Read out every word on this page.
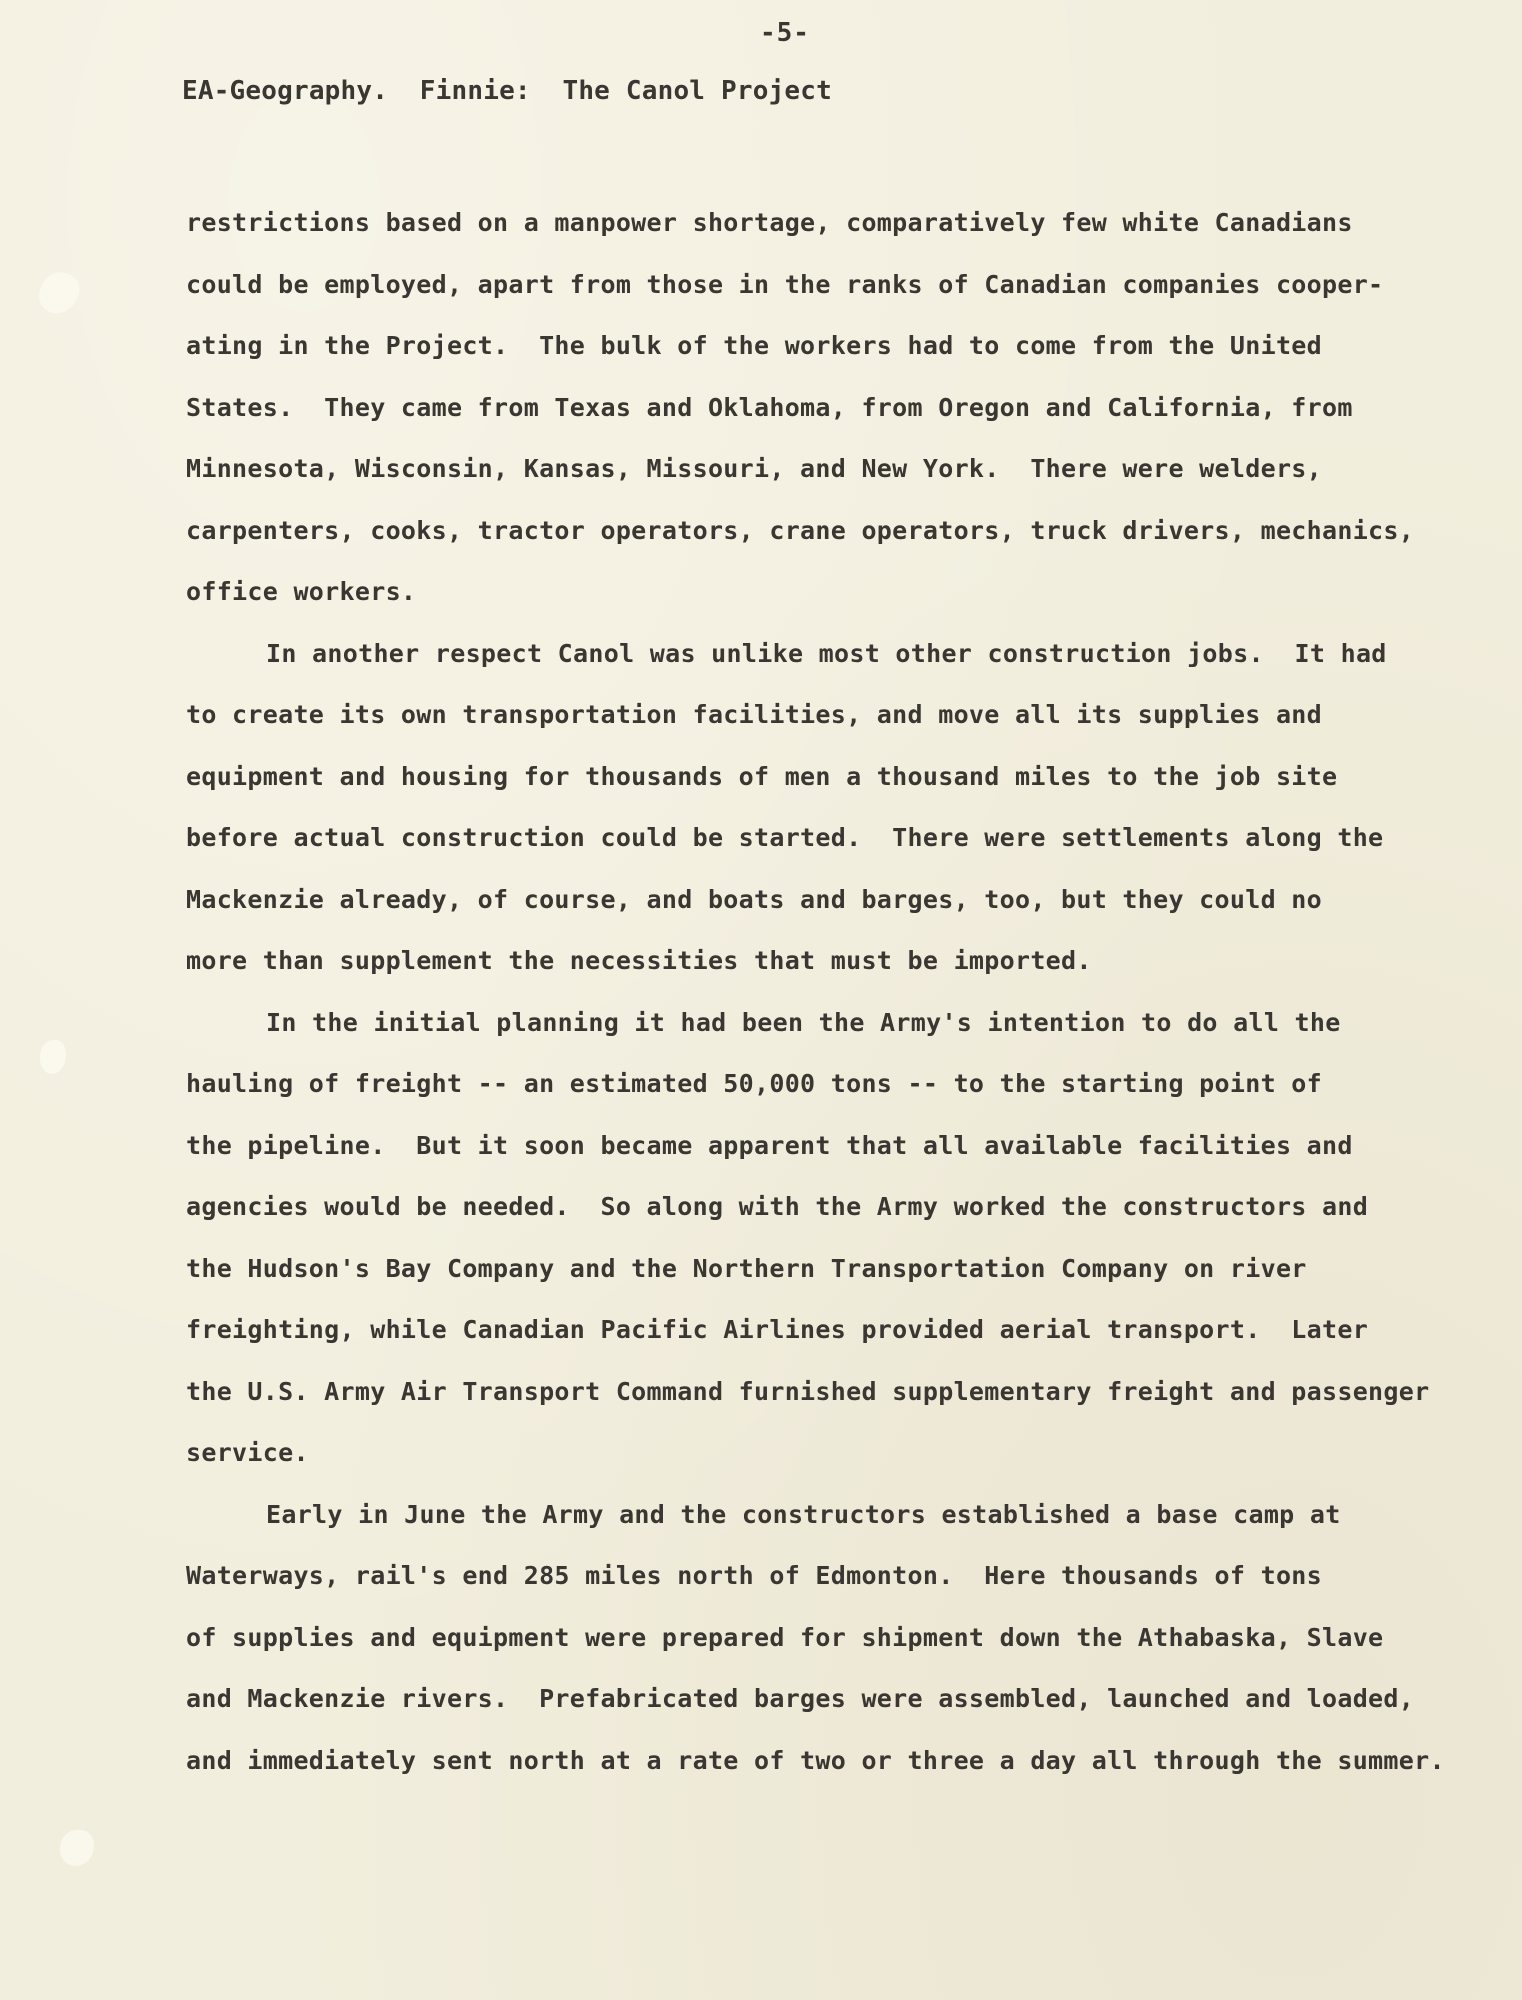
-5-
EA-Geography.  Finnie:  The Canol Project
restrictions based on a manpower shortage, comparatively few white Canadians
could be employed, apart from those in the ranks of Canadian companies cooper-
ating in the Project.  The bulk of the workers had to come from the United
States.  They came from Texas and Oklahoma, from Oregon and California, from
Minnesota, Wisconsin, Kansas, Missouri, and New York.  There were welders,
carpenters, cooks, tractor operators, crane operators, truck drivers, mechanics,
office workers.
In another respect Canol was unlike most other construction jobs.  It had
to create its own transportation facilities, and move all its supplies and
equipment and housing for thousands of men a thousand miles to the job site
before actual construction could be started.  There were settlements along the
Mackenzie already, of course, and boats and barges, too, but they could no
more than supplement the necessities that must be imported.
In the initial planning it had been the Army's intention to do all the
hauling of freight -- an estimated 50,000 tons -- to the starting point of
the pipeline.  But it soon became apparent that all available facilities and
agencies would be needed.  So along with the Army worked the constructors and
the Hudson's Bay Company and the Northern Transportation Company on river
freighting, while Canadian Pacific Airlines provided aerial transport.  Later
the U.S. Army Air Transport Command furnished supplementary freight and passenger
service.
Early in June the Army and the constructors established a base camp at
Waterways, rail's end 285 miles north of Edmonton.  Here thousands of tons
of supplies and equipment were prepared for shipment down the Athabaska, Slave
and Mackenzie rivers.  Prefabricated barges were assembled, launched and loaded,
and immediately sent north at a rate of two or three a day all through the summer.
